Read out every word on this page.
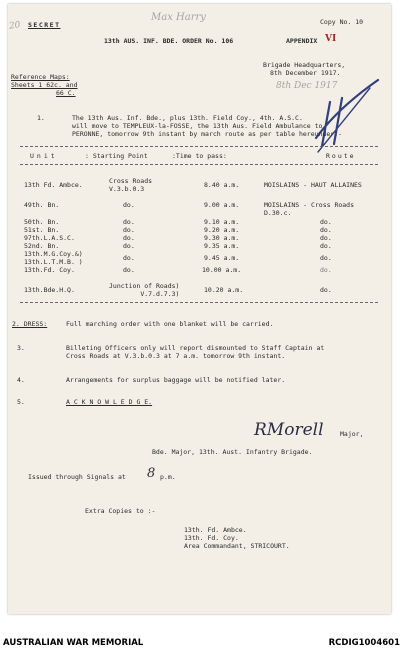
20 SECRET
Max Harry	Copy No. 10
13th AUS. INF. BDE. ORDER No. 106	APPENDIX VI
Brigade Headquarters,
8th December 1917.
8th Dec 1917
Reference Maps:
Sheets 1 62c. and
66 C.
1.	The 13th Aus. Inf. Bde., plus 13th. Field Coy., 4th. A.S.C.
will move to TEMPLEUX-la-FOSSE, the 13th Aus. Field Ambulance to
PERONNE, tomorrow 9th instant by march route as per table hereunder:-
Unit	: Starting Point	:Time to pass:	Route
13th Fd. Ambce.	Cross Roads
V.3.b.0.3	8.40 a.m.	MOISLAINS - HAUT ALLAINES
49th. Bn.	do.	9.00 a.m.	MOISLAINS - Cross Roads
D.30.c.
50th. Bn.	do.	9.10 a.m.	do.
51st. Bn.	do.	9.20 a.m.	do.
97th.L.A.S.C.	do.	9.30 a.m.	do.
52nd. Bn.	do.	9.35 a.m.	do.
13th.M.G.Coy.&)
13th.L.T.M.B. )	do.	9.45 a.m.	do.
13th.Fd. Coy.	do.	10.00 a.m.	do.
13th.Bde.H.Q.	Junction of Roads)
V.7.d.7.3)	10.20 a.m.	do.
2. DRESS:	Full marching order with one blanket will be carried.
3.	Billeting Officers only will report dismounted to Staff Captain at
Cross Roads at V.3.b.0.3 at 7 a.m. tomorrow 9th instant.
4.	Arrangements for surplus baggage will be notified later.
5.	A C K N O W L E D G E.
RMorell	Major,
Bde. Major, 13th. Aust. Infantry Brigade.
Issued through Signals at 8 p.m.
Extra Copies to :-
13th. Fd. Ambce.
13th. Fd. Coy.
Area Commandant, STRICOURT.
AUSTRALIAN WAR MEMORIAL	RCDIG1004601
